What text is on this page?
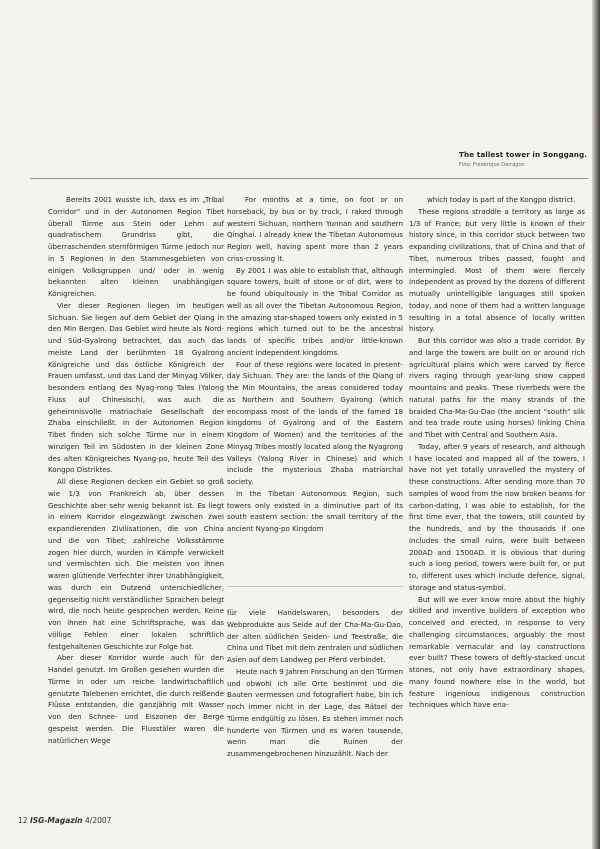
The tallest tower in Songgang.
Foto: Frédérique Darragon

Bereits 2001 wusste ich, dass es im „Tribal Corridor“ und in der Autonomen Region Tibet überall Türme aus Stein oder Lehm auf quadratischem Grundriss gibt, die überraschenden sternförmigen Türme jedoch nur in 5 Regionen in den Stammesgebieten von einigen Volksgruppen und/ oder in wenig bekannten alten kleinen unabhängigen Königreichen.

Vier dieser Regionen liegen im heutigen Sichuan. Sie liegen auf dem Gebiet der Qiang in den Min Bergen. Das Gebiet wird heute als Nord- und Süd-Gyalrong betrachtet, das auch das meiste Land der berühmten 18 Gyalrong Königreiche und das östliche Königreich der Frauen umfasst, und das Land der Minyag Völker, besonders entlang des Nyag-rong Tales (Yalong Fluss auf Chinesisch), was auch die geheimnisvolle matriachale Gesellschaft der Zhaba einschließt. In der Autonomen Region Tibet finden sich solche Türme nur in einem winzigen Teil im Südosten in der kleinen Zone des alten Königreiches Nyang-po, heute Teil des Kongpo Distriktes.

All diese Regionen decken ein Gebiet so groß wie 1/3 von Frankreich ab, über dessen Geschichte aber sehr wenig bekannt ist. Es liegt in einem Korridor eingezwängt zwischen zwei expandierenden Zivilisationen, die von China und die von Tibet; zahlreiche Volksstämme zogen hier durch, wurden in Kämpfe verwickelt und vermischten sich. Die meisten von ihnen waren glühende Verfechter ihrer Unabhängigkeit, was durch ein Dutzend unterschiedlicher, gegenseitig nicht verständlicher Sprachen belegt wird, die noch heute gesprochen werden. Keine von ihnen hat eine Schriftsprache, was das völlige Fehlen einer lokalen schriftlich festgehaltenen Geschichte zur Folge hat.

Aber dieser Korridor wurde auch für den Handel genutzt. Im Großen gesehen wurden die Türme in oder um reiche landwirtschaftlich genutzte Talebenen errichtet, die durch reißende Flüsse entstanden, die ganzjährig mit Wasser von den Schnee- und Eiszonen der Berge gespeist werden. Die Flusstäler waren die natürlichen Wege

For months at a time, on foot or on horseback, by bus or by truck, I raked through western Sichuan, northern Yunnan and southern Qinghai. I already knew the Tibetan Autonomous Region well, having spent more than 2 years criss-crossing it.

By 2001 I was able to establish that, although square towers, built of stone or of dirt, were to be found ubiquitously in the Tribal Corridor as well as all over the Tibetan Autonomous Region, the amazing star-shaped towers only existed in 5 regions which turned out to be the ancestral lands of specific tribes and/or little-known ancient independent kingdoms.

Four of these regions were located in present-day Sichuan. They are: the lands of the Qiang of the Min Mountains, the areas considered today as Northern and Southern Gyalrong (which encompass most of the lands of the famed 18 kingdoms of Gyalrong and of the Eastern Kingdom of Women) and the territories of the Minyag Tribes mostly located along the Nyagrong Valleys (Yalong River in Chinese) and which include the mysterious Zhaba matriarchal society.

In the Tibetan Autonomous Region, such towers only existed in a diminutive part of its south eastern section: the small territory of the ancient Nyang-po Kingdom

für viele Handelswaren, besonders der Webprodukte aus Seide auf der Cha-Ma-Gu-Dao, der alten südlichen Seiden- und Teestraße, die China und Tibet mit dem zentralen und südlichen Asien auf dem Landweg per Pferd verbindet.

Heute nach 9 Jahren Forschung an den Türmen und obwohl ich alle Orte bestimmt und die Bauten vermessen und fotografiert habe, bin ich noch immer nicht in der Lage, das Rätsel der Türme endgültig zu lösen. Es stehen immer noch hunderte von Türmen und es waren tausende, wenn man die Ruinen der zusammengebrochenen hinzuzählt. Nach der

which today is part of the Kongpo district.

These regions straddle a territory as large as 1/3 of France; but very little is known of their history since, in this corridor stuck between two expanding civilizations, that of China and that of Tibet, numerous tribes passed, fought and intermingled. Most of them were fiercely independent as proved by the dozens of different mutually unintelligible languages still spoken today, and none of them had a written language resulting in a total absence of locally written history.

But this corridor was also a trade corridor. By and large the towers are built on or around rich agricultural plains which were carved by fierce rivers raging through year-long snow capped mountains and peaks. These riverbeds were the natural paths for the many strands of the braided Cha-Ma-Gu-Dao (the ancient “south” silk and tea trade route using horses) linking China and Tibet with Central and Southern Asia.

Today, after 9 years of research, and although I have located and mapped all of the towers, I have not yet totally unravelled the mystery of these constructions. After sending more than 70 samples of wood from the now broken beams for carbon-dating, I was able to establish, for the first time ever, that the towers, still counted by the hundreds, and by the thousands if one includes the small ruins, were built between 200AD and 1500AD. It is obvious that during such a long period, towers were built for, or put to, different uses which include defence, signal, storage and status-symbol.

But will we ever know more about the highly skilled and inventive builders of exception who conceived and erected, in response to very challenging circumstances, arguably the most remarkable vernacular and lay constructions ever built? These towers of deftly-stacked uncut stones, not only have extraordinary shapes, many found nowhere else in the world, but feature ingenious indigenous construction techniques which have ena-

12 ISG-Magazin 4/2007
